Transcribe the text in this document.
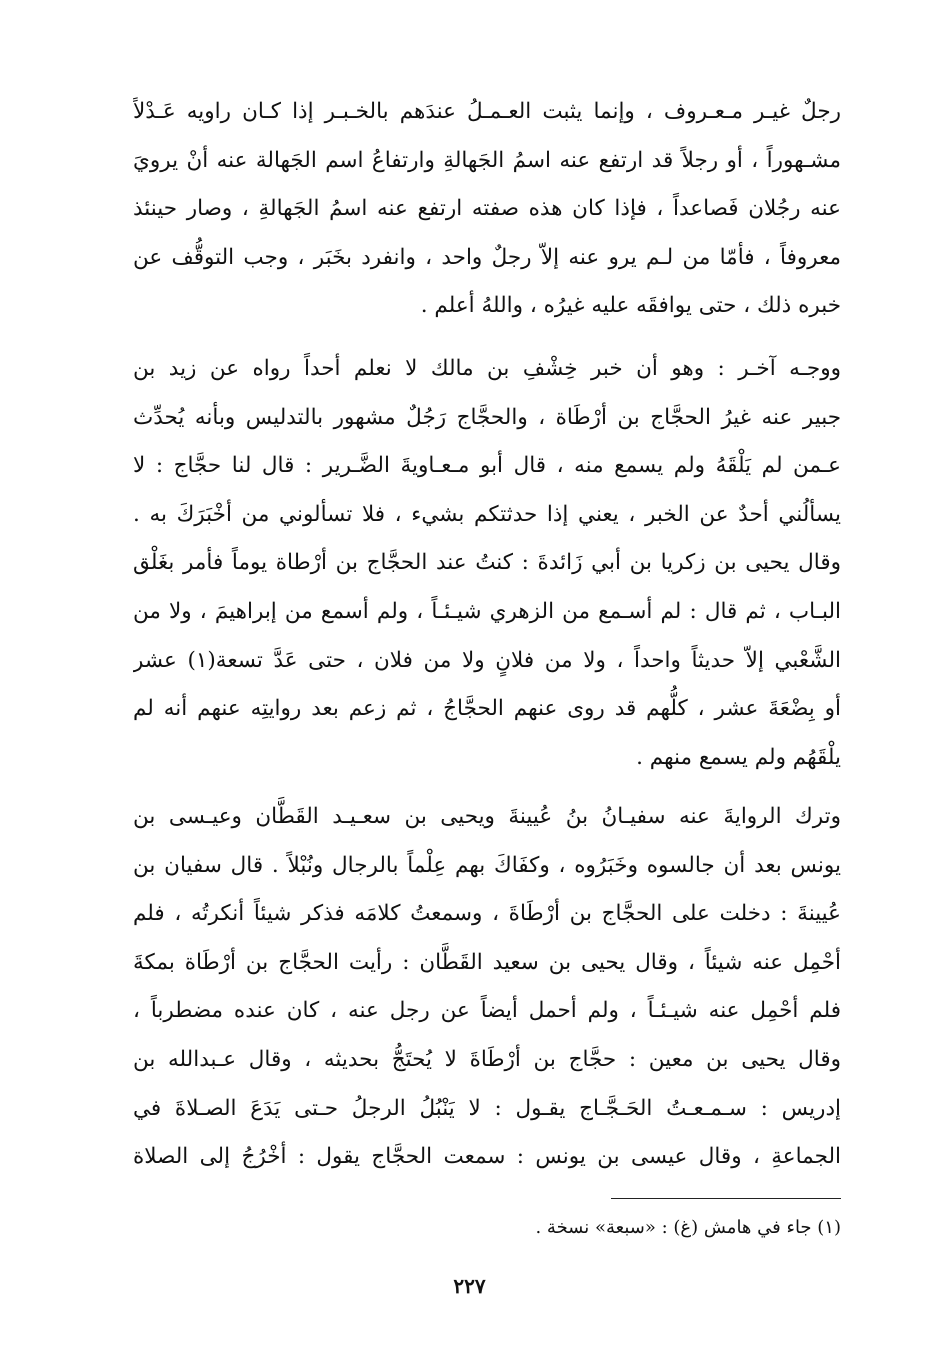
رجلٌ غيـر مـعـروف ، وإنما يثبت العـمـلُ عندَهم بالخـبـر إذا كـان راويه عَـدْلاً
مشـهوراً ، أو رجلاً قد ارتفع عنه اسمُ الجَهالةِ وارتفاعُ اسم الجَهالة عنه أنْ يرويَ
عنه رجُلان فَصاعداً ، فإذا كان هذه صفته ارتفع عنه اسمُ الجَهالةِ ، وصار حينئذ
معروفاً ، فأمّا من لـم يرو عنه إلاّ رجلٌ واحد ، وانفرد بخَبَر ، وجب التوقُّف عن
خبره ذلك ، حتى يوافقَه عليه غيرُه ، واللهُ أعلم .
ووجـه آخـر : وهو أن خبر خِشْفِ بن مالك لا نعلم أحداً رواه عن زيد بن
جبير عنه غيرُ الحجَّاج بن أرْطَاة ، والحجَّاج رَجُلٌ مشهور بالتدليس وبأنه يُحدِّث
عـمن لم يَلْقَهُ ولم يسمع منه ، قال أبو مـعـاويةَ الضَّـرير : قال لنا حجَّاج : لا
يسألُني أحدٌ عن الخبر ، يعني إذا حدثتكم بشيء ، فلا تسألوني من أخْبَرَكَ به .
وقال يحيى بن زكريا بن أبي زَائدةَ : كنتُ عند الحجَّاج بن أرْطاة يوماً فأمر بغَلْق
البـاب ، ثم قال : لم أسـمع من الزهري شيـئـاً ، ولم أسمع من إبراهيمَ ، ولا من
الشَّعْبي إلاّ حديثاً واحداً ، ولا من فلانٍ ولا من فلان ، حتى عَدَّ تسعة(١) عشر
أو بِضْعَةَ عشر ، كلُّهم قد روى عنهم الحجَّاجُ ، ثم زعم بعد روايتِه عنهم أنه لم
يلْقَهُم ولم يسمع منهم .
وترك الروايةَ عنه سفيـانُ بنُ عُيينةَ ويحيى بن سعـيـد القَطَّان وعيـسى بن
يونس بعد أن جالسوه وخَبَرُوه ، وكفَاكَ بهم عِلْماً بالرجال ونُبْلاً . قال سفيان بن
عُيينةَ : دخلت على الحجَّاج بن أرْطَاةَ ، وسمعتُ كلامَه فذكر شيئاً أنكرتُه ، فلم
أحْمِل عنه شيئاً ، وقال يحيى بن سعيد القَطَّان : رأيت الحجَّاج بن أرْطَاة بمكةَ
فلم أحْمِل عنه شيـئـاً ، ولم أحمل أيضاً عن رجل عنه ، كان عنده مضطرباً ،
وقال يحيى بن معين : حجَّاج بن أرْطَاةَ لا يُحتَجُّ بحديثه ، وقال عـبدالله بن
إدريس : سـمـعـتُ الحَـجَّـاج يقـول : لا يَنْبُلُ الرجلُ حـتى يَدَعَ الصـلاةَ في
الجماعةِ ، وقال عيسى بن يونس : سمعت الحجَّاج يقول : أخْرُجُ إلى الصلاة
(١) جاء في هامش (غ) : «سبعة» نسخة .
٢٢٧
